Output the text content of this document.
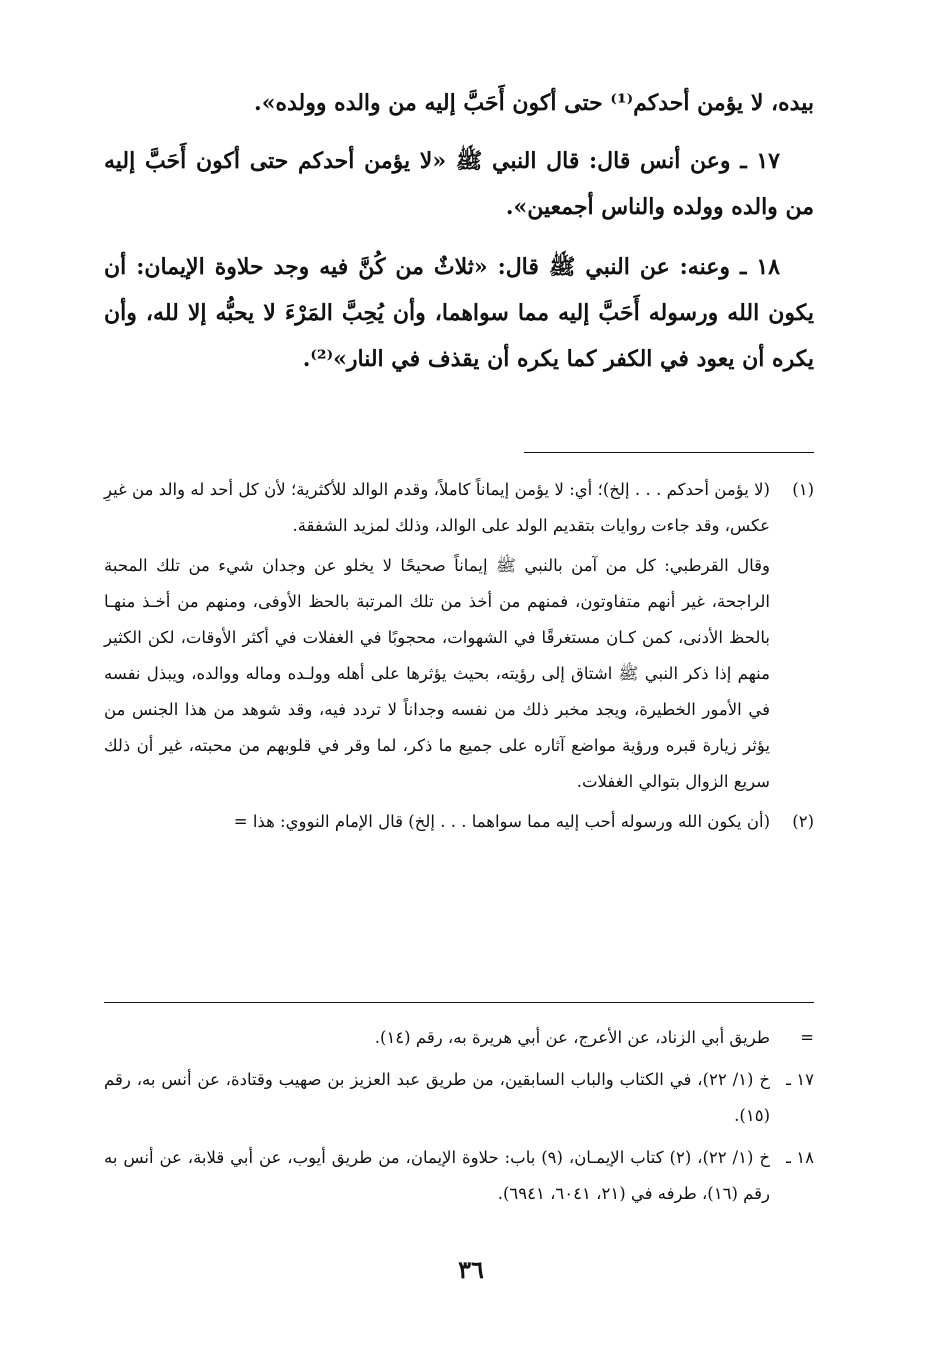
بيده، لا يؤمن أحدكم⁽¹⁾ حتى أكون أَحَبَّ إليه من والده وولده».

١٧ ـ وعن أنس قال: قال النبي ﷺ «لا يؤمن أحدكم حتى أكون أَحَبَّ إليه من والده وولده والناس أجمعين».

١٨ ـ وعنه: عن النبي ﷺ قال: «ثلاثٌ من كُنَّ فيه وجد حلاوة الإيمان: أن يكون الله ورسوله أَحَبَّ إليه مما سواهما، وأن يُحِبَّ المَرْءَ لا يحبُّه إلا لله، وأن يكره أن يعود في الكفر كما يكره أن يقذف في النار»⁽²⁾.

(١)(لا يؤمن أحدكم . . . إلخ)؛ أي: لا يؤمن إيماناً كاملاً، وقدم الوالد للأكثرية؛ لأن كل أحد له والد من غيرِ عكس، وقد جاءت روايات بتقديم الولد على الوالد، وذلك لمزيد الشفقة.

وقال القرطبي: كل من آمن بالنبي ﷺ إيماناً صحيحًا لا يخلو عن وجدان شيء من تلك المحبة الراجحة، غير أنهم متفاوتون، فمنهم من أخذ من تلك المرتبة بالحظ الأوفى، ومنهم من أخـذ منهـا بالحظ الأدنى، كمن كـان مستغرقًا في الشهوات، محجوبًا في الغفلات في أكثر الأوقات، لكن الكثير منهم إذا ذكر النبي ﷺ اشتاق إلى رؤيته، بحيث يؤثرها على أهله وولـده وماله ووالده، ويبذل نفسه في الأمور الخطيرة، ويجد مخبر ذلك من نفسه وجداناً لا تردد فيه، وقد شوهد من هذا الجنس من يؤثر زيارة قبره ورؤية مواضع آثاره على جميع ما ذكر، لما وقر في قلوبهم من محبته، غير أن ذلك سريع الزوال بتوالي الغفلات.

(٢)(أن يكون الله ورسوله أحب إليه مما سواهما . . . إلخ) قال الإمام النووي: هذا =

=طريق أبي الزناد، عن الأعرج، عن أبي هريرة به، رقم (١٤).

١٧ ـخ (١/ ٢٢)، في الكتاب والباب السابقين، من طريق عبد العزيز بن صهيب وقتادة، عن أنس به، رقم (١٥).

١٨ ـخ (١/ ٢٢)، (٢) كتاب الإيمـان، (٩) باب: حلاوة الإيمان، من طريق أيوب، عن أبي قلابة، عن أنس به رقم (١٦)، طرفه في (٢١، ٦٠٤١، ٦٩٤١).

٣٦
